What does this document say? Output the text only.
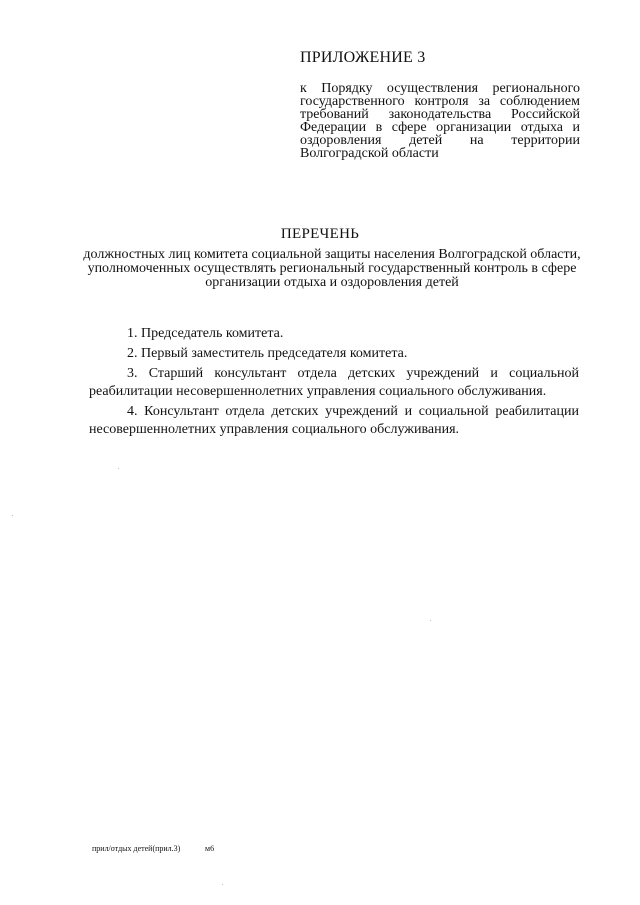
ПРИЛОЖЕНИЕ 3
к Порядку осуществления регионального государственного контроля за соблюдением требований законодательства Российской Федерации в сфере организации отдыха и оздоровления детей на территории Волгоградской области
ПЕРЕЧЕНЬ
должностных лиц комитета социальной защиты населения Волгоградской области, уполномоченных осуществлять региональный государственный контроль в сфере организации отдыха и оздоровления детей

1. Председатель комитета.

2. Первый заместитель председателя комитета.

3. Старший консультант отдела детских учреждений и социальной реабилитации несовершеннолетних управления социального обслуживания.

4. Консультант отдела детских учреждений и социальной реабилитации несовершеннолетних управления социального обслуживания.

прил/отдых детей(прил.3)	м6
